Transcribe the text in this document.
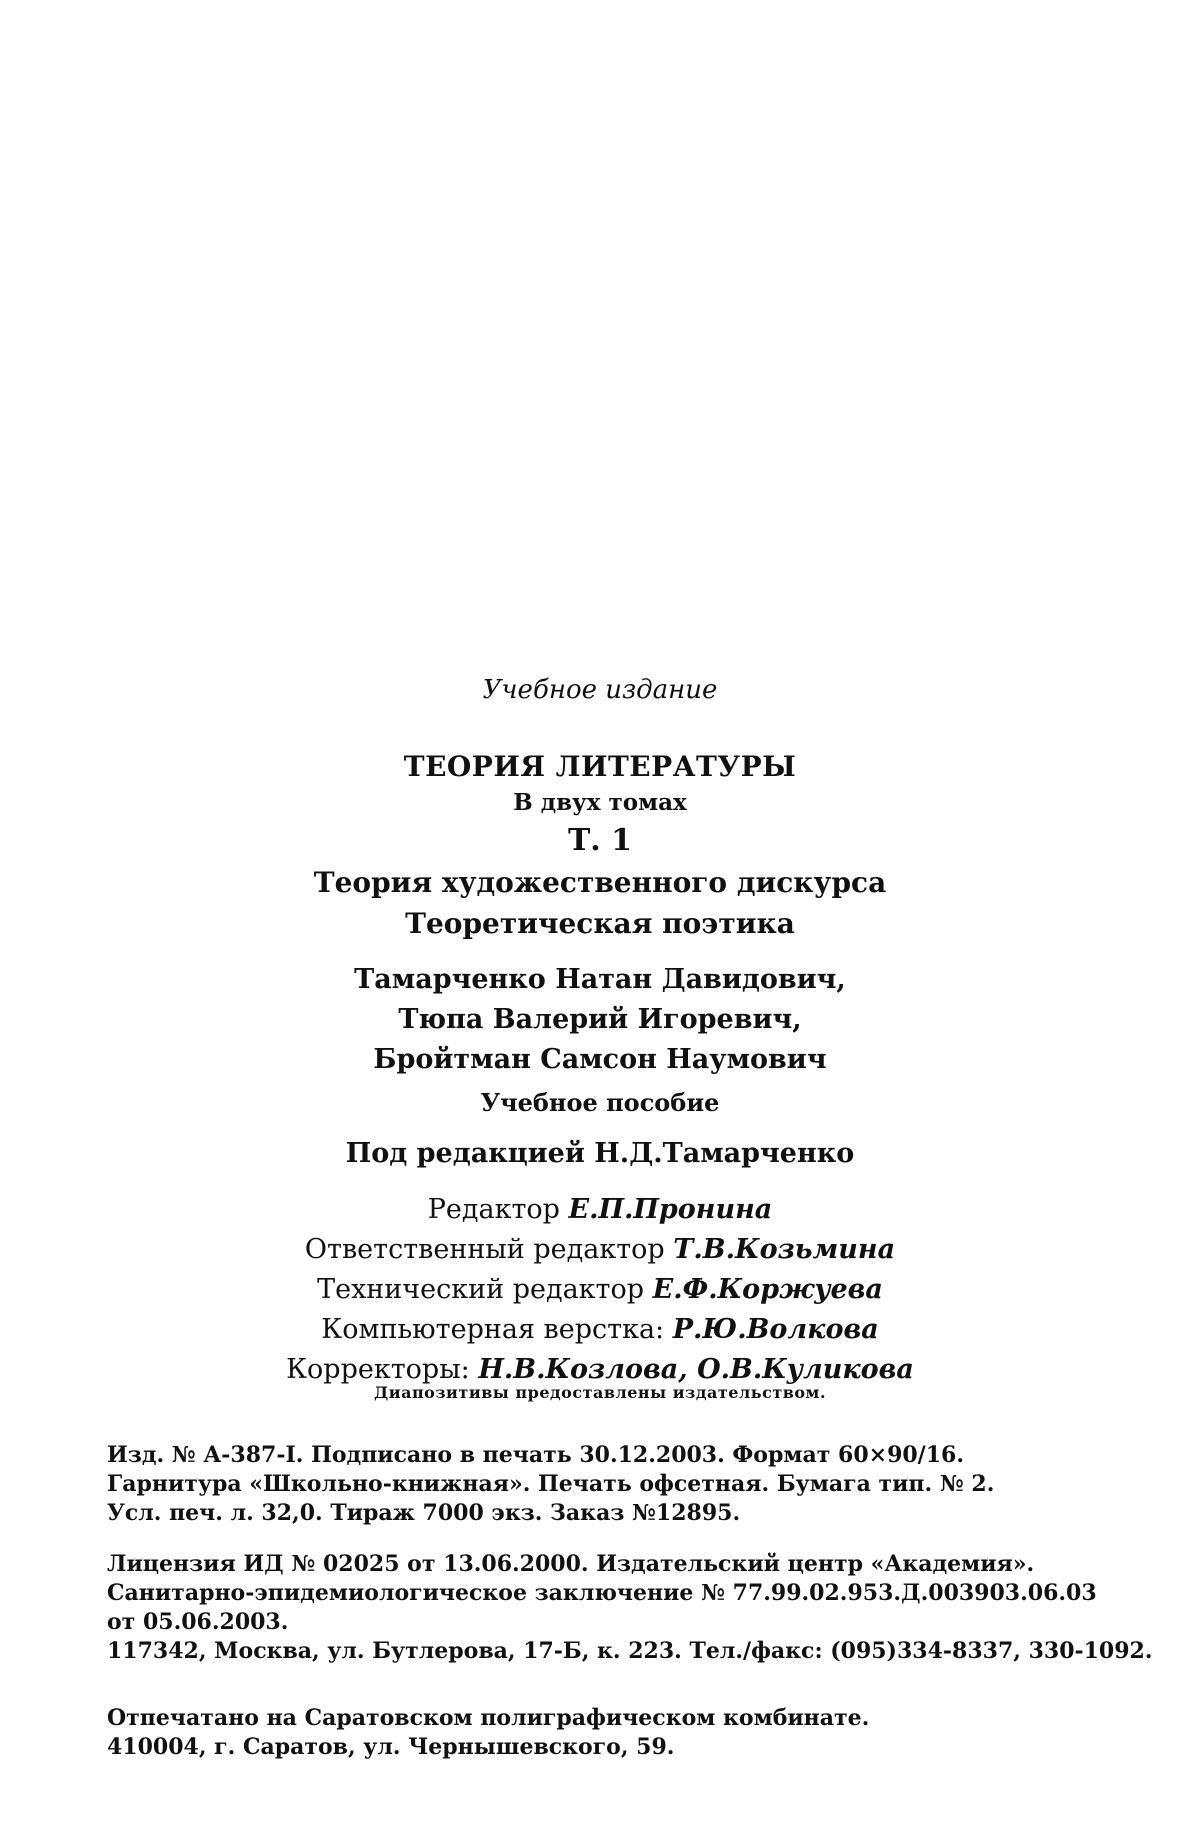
Учебное издание
ТЕОРИЯ ЛИТЕРАТУРЫ
В двух томах
Т. 1
Теория художественного дискурса
Теоретическая поэтика
Тамарченко Натан Давидович,
Тюпа Валерий Игоревич,
Бройтман Самсон Наумович
Учебное пособие
Под редакцией Н.Д.Тамарченко
Редактор Е.П.Пронина
Ответственный редактор Т.В.Козьмина
Технический редактор Е.Ф.Коржуева
Компьютерная верстка: Р.Ю.Волкова
Корректоры: Н.В.Козлова, О.В.Куликова
Диапозитивы предоставлены издательством.
Изд. № А-387-I. Подписано в печать 30.12.2003. Формат 60×90/16.
Гарнитура «Школьно-книжная». Печать офсетная. Бумага тип. № 2.
Усл. печ. л. 32,0. Тираж 7000 экз. Заказ №12895.
Лицензия ИД № 02025 от 13.06.2000. Издательский центр «Академия».
Санитарно-эпидемиологическое заключение № 77.99.02.953.Д.003903.06.03
от 05.06.2003.
117342, Москва, ул. Бутлерова, 17-Б, к. 223. Тел./факс: (095)334-8337, 330-1092.
Отпечатано на Саратовском полиграфическом комбинате.
410004, г. Саратов, ул. Чернышевского, 59.
